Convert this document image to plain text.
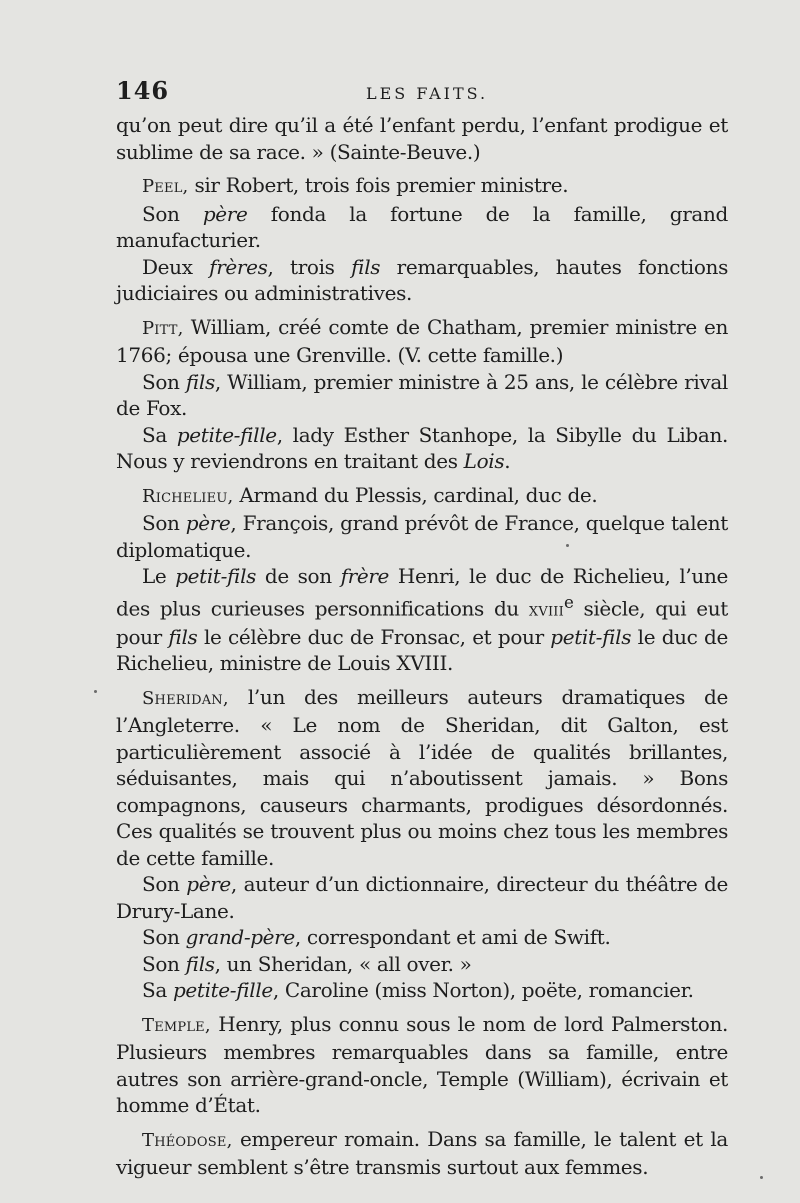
146	LES FAITS.

qu’on peut dire qu’il a été l’enfant perdu, l’enfant prodigue et sublime de sa race. » (Sainte-Beuve.)

Peel, sir Robert, trois fois premier ministre.

Son père fonda la fortune de la famille, grand manufacturier.

Deux frères, trois fils remarquables, hautes fonctions judiciaires ou administratives.

Pitt, William, créé comte de Chatham, premier ministre en 1766; épousa une Grenville. (V. cette famille.)

Son fils, William, premier ministre à 25 ans, le célèbre rival de Fox.

Sa petite-fille, lady Esther Stanhope, la Sibylle du Liban. Nous y reviendrons en traitant des Lois.

Richelieu, Armand du Plessis, cardinal, duc de.

Son père, François, grand prévôt de France, quelque talent diplomatique.

Le petit-fils de son frère Henri, le duc de Richelieu, l’une des plus curieuses personnifications du xviii$^e$ siècle, qui eut pour fils le célèbre duc de Fronsac, et pour petit-fils le duc de Richelieu, ministre de Louis XVIII.

Sheridan, l’un des meilleurs auteurs dramatiques de l’Angleterre. « Le nom de Sheridan, dit Galton, est particulièrement associé à l’idée de qualités brillantes, séduisantes, mais qui n’aboutissent jamais. » Bons compagnons, causeurs charmants, prodigues désordonnés. Ces qualités se trouvent plus ou moins chez tous les membres de cette famille.

Son père, auteur d’un dictionnaire, directeur du théâtre de Drury-Lane.

Son grand-père, correspondant et ami de Swift.

Son fils, un Sheridan, « all over. »

Sa petite-fille, Caroline (miss Norton), poëte, romancier.

Temple, Henry, plus connu sous le nom de lord Palmerston. Plusieurs membres remarquables dans sa famille, entre autres son arrière-grand-oncle, Temple (William), écrivain et homme d’État.

Théodose, empereur romain. Dans sa famille, le talent et la vigueur semblent s’être transmis surtout aux femmes.
